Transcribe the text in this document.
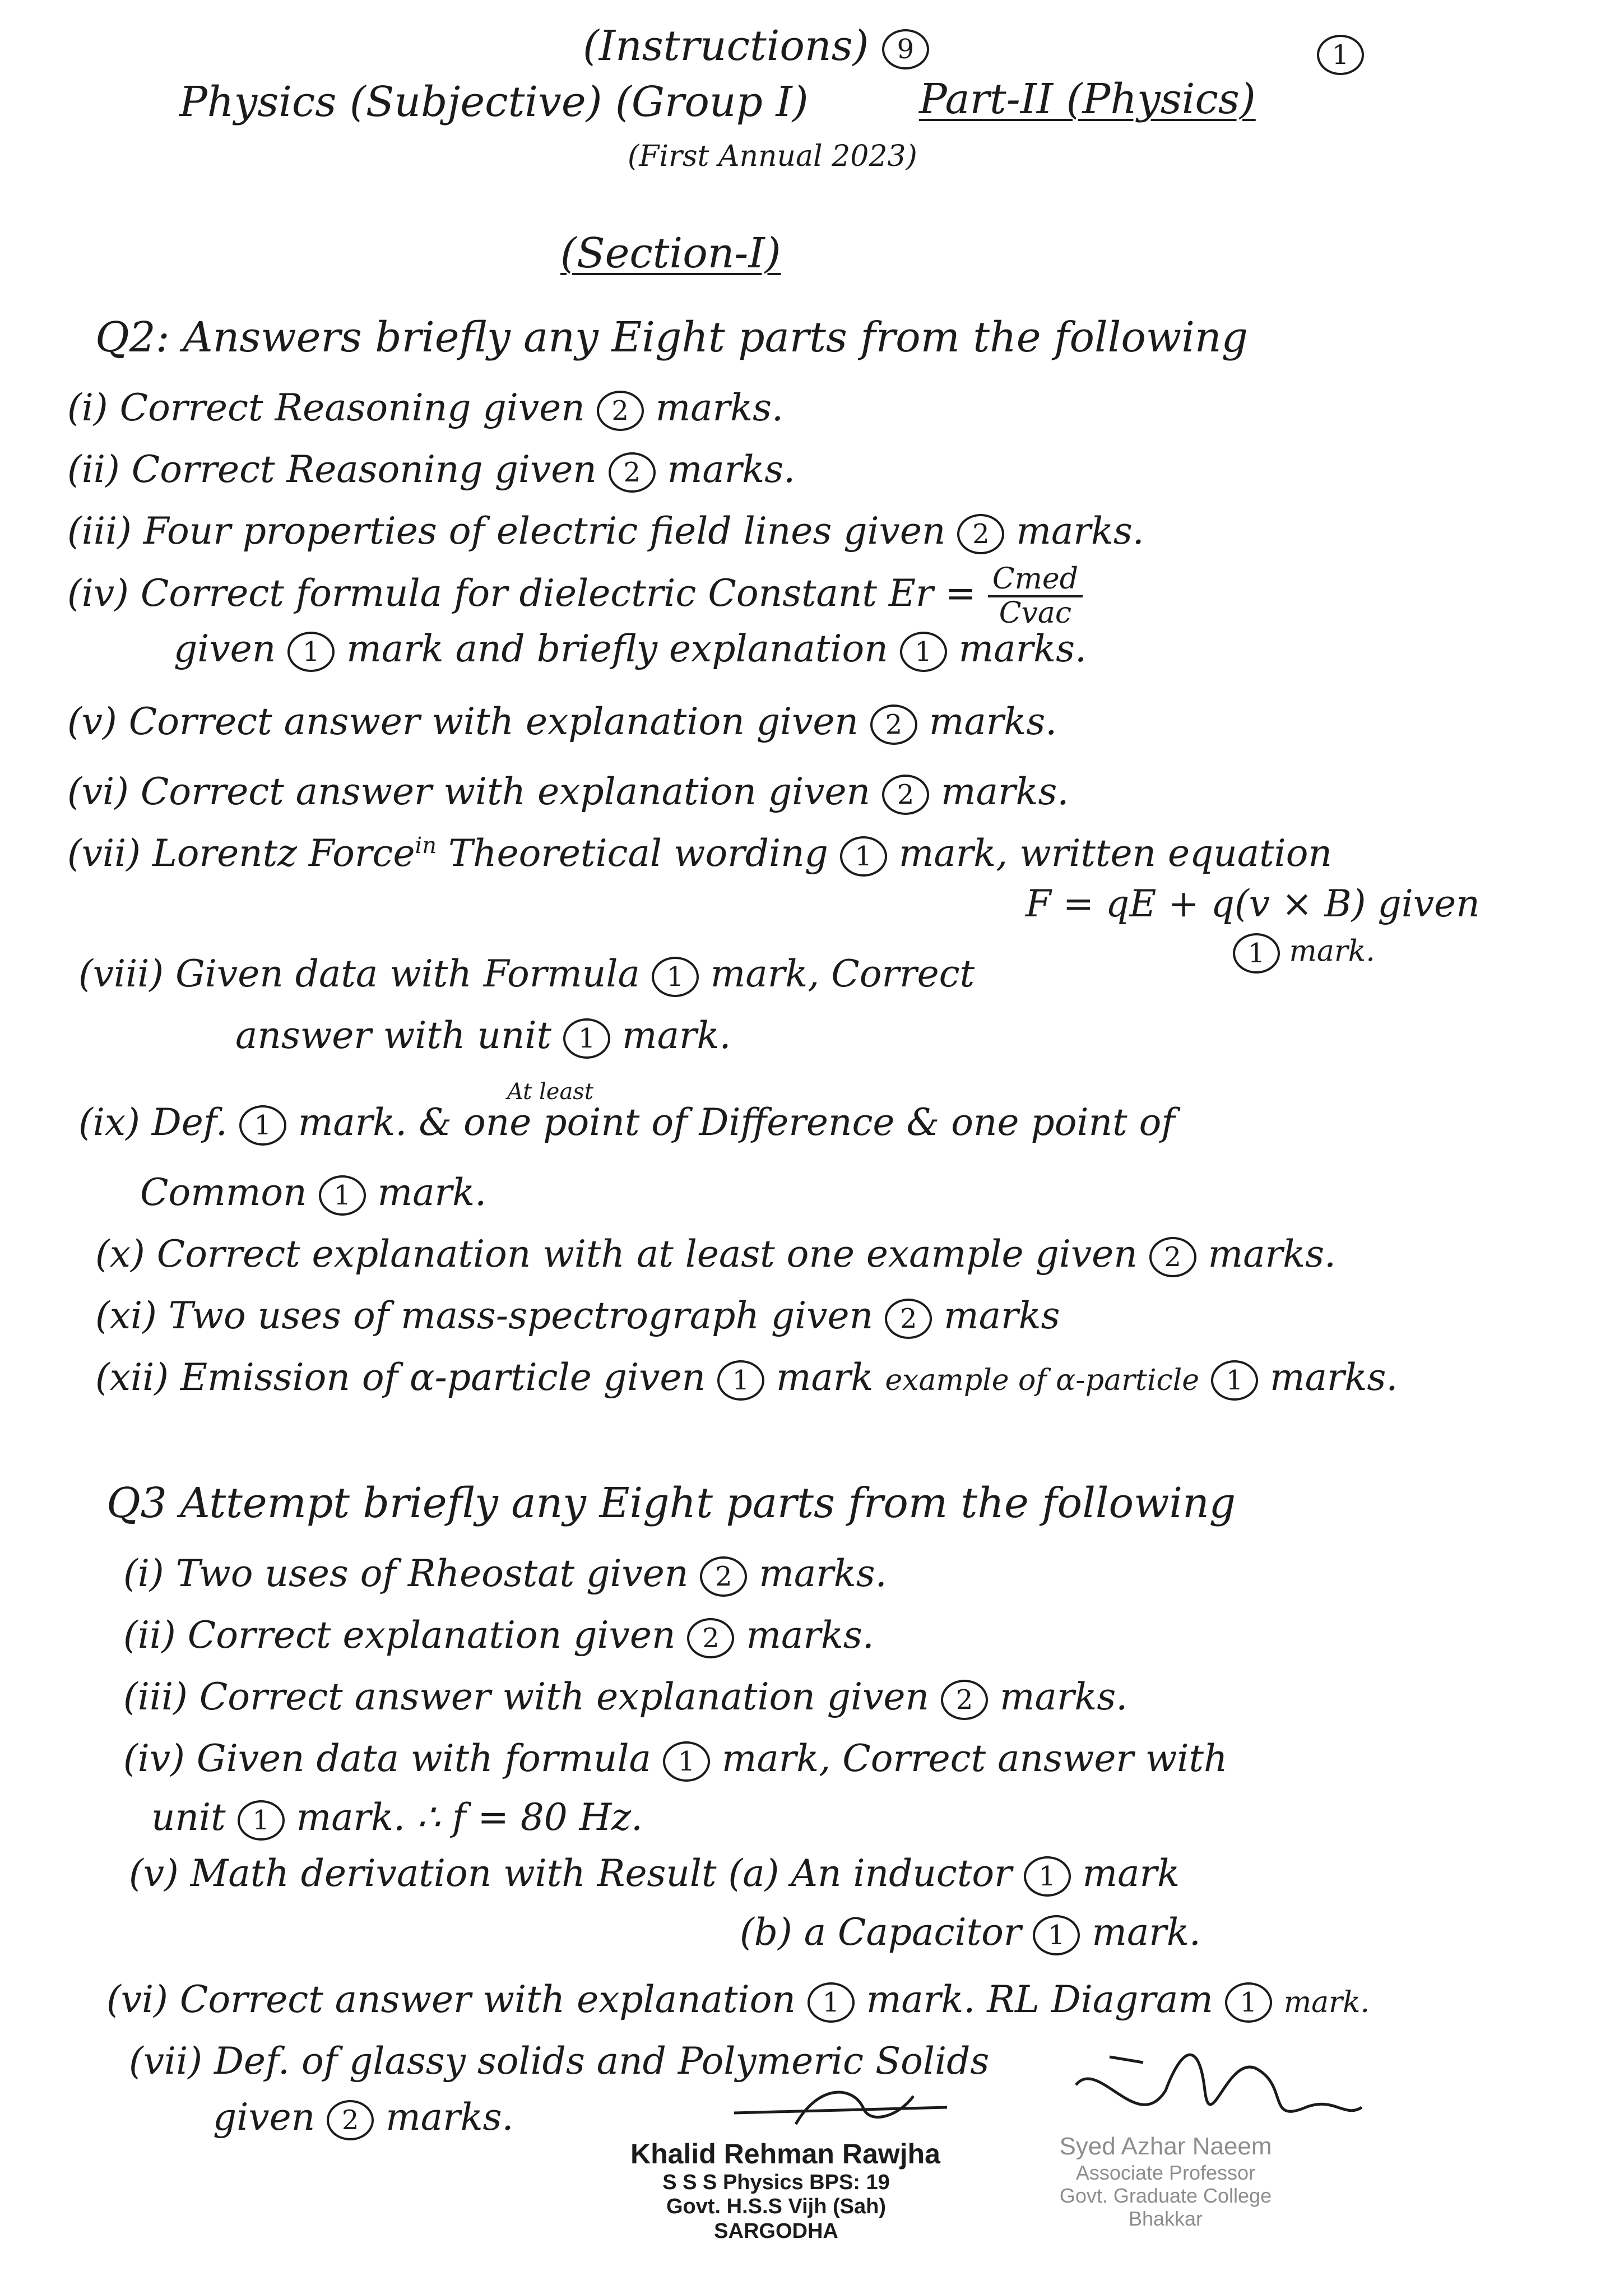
(Instructions) 9	1
Physics (Subjective) (Group I)	Part-II (Physics)
(First Annual 2023)
(Section-I)
Q2: Answers briefly any Eight parts from the following
(i) Correct Reasoning given 2 marks.
(ii) Correct Reasoning given 2 marks.
(iii) Four properties of electric field lines given 2 marks.
(iv) Correct formula for dielectric Constant $Er = \frac{\text{Cmed}}{\text{Cvac}}$
given 1 mark and briefly explanation 1 marks.
(v) Correct answer with explanation given 2 marks.
(vi) Correct answer with explanation given 2 marks.
(vii) Lorentz Force$^{in}$ Theoretical wording 1 mark, written equation
F = qE + q(v × B) given
1 mark.
(viii) Given data with Formula 1 mark, Correct
answer with unit 1 mark.
At least
(ix) Def. 1 mark. & one point of Difference & one point of
Common 1 mark.
(x) Correct explanation with at least one example given 2 marks.
(xi) Two uses of mass-spectrograph given 2 marks
(xii) Emission of α-particle given 1 mark example of α-particle 1 marks.
Q3 Attempt briefly any Eight parts from the following
(i) Two uses of Rheostat given 2 marks.
(ii) Correct explanation given 2 marks.
(iii) Correct answer with explanation given 2 marks.
(iv) Given data with formula 1 mark, Correct answer with
unit 1 mark. ∴ f = 80 Hz.
(v) Math derivation with Result (a) An inductor 1 mark
(b) a Capacitor 1 mark.
(vi) Correct answer with explanation 1 mark. RL Diagram 1 mark.
(vii) Def. of glassy solids and Polymeric Solids
given 2 marks.
Khalid Rehman Rawjha
S S S Physics BPS: 19
Govt. H.S.S Vijh (Sah)
SARGODHA
Syed Azhar Naeem
Associate Professor
Govt. Graduate College
Bhakkar
